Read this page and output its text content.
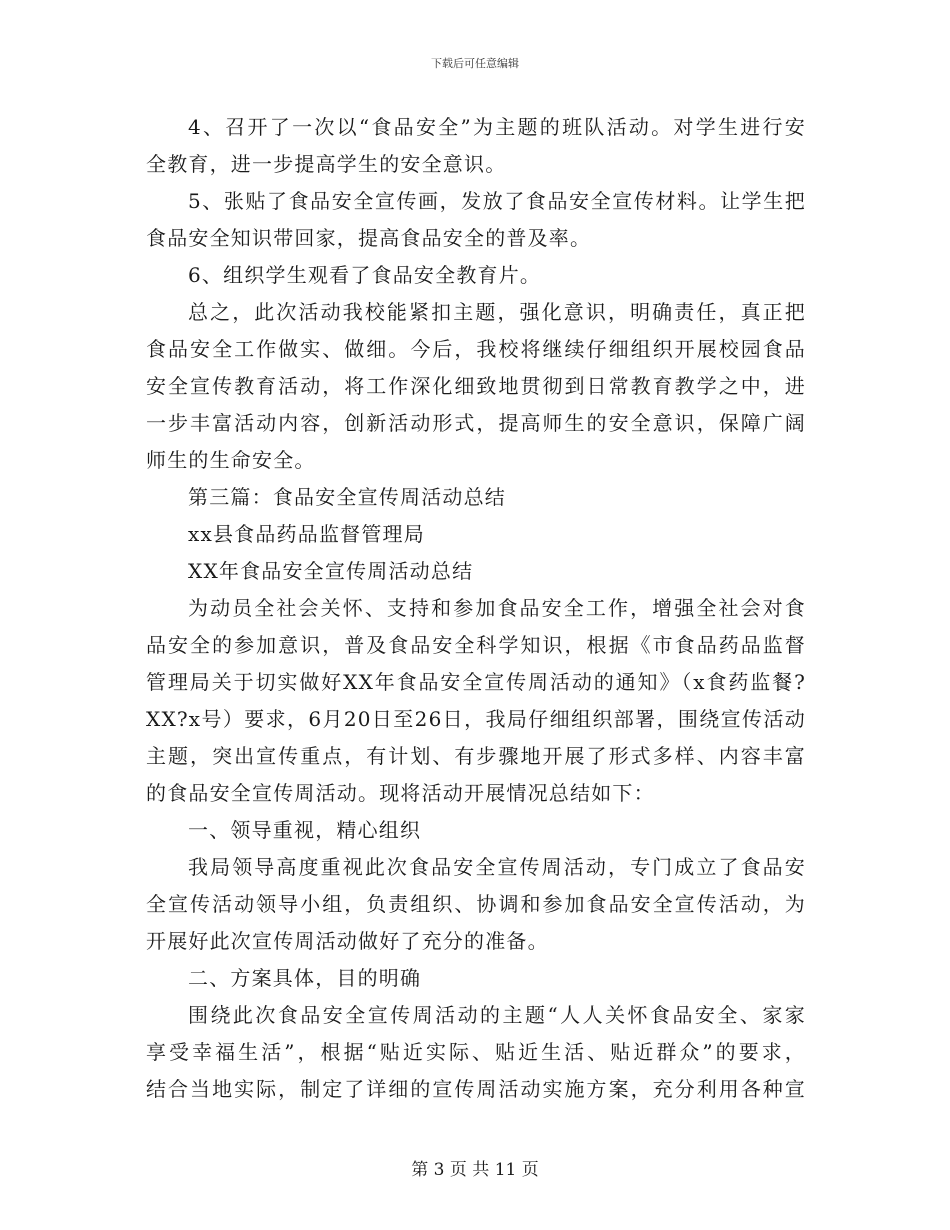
下载后可任意编辑
4、召开了一次以“食品安全”为主题的班队活动。对学生进行安
全教育，进一步提高学生的安全意识。
5、张贴了食品安全宣传画，发放了食品安全宣传材料。让学生把
食品安全知识带回家，提高食品安全的普及率。
6、组织学生观看了食品安全教育片。
总之，此次活动我校能紧扣主题，强化意识，明确责任，真正把
食品安全工作做实、做细。今后，我校将继续仔细组织开展校园食品
安全宣传教育活动，将工作深化细致地贯彻到日常教育教学之中，进
一步丰富活动内容，创新活动形式，提高师生的安全意识，保障广阔
师生的生命安全。
第三篇：食品安全宣传周活动总结
xx县食品药品监督管理局
XX年食品安全宣传周活动总结
为动员全社会关怀、支持和参加食品安全工作，增强全社会对食
品安全的参加意识，普及食品安全科学知识，根据《市食品药品监督
管理局关于切实做好XX年食品安全宣传周活动的通知》（x食药监餐?
XX?x号）要求，6月20日至26日，我局仔细组织部署，围绕宣传活动
主题，突出宣传重点，有计划、有步骤地开展了形式多样、内容丰富
的食品安全宣传周活动。现将活动开展情况总结如下：
一、领导重视，精心组织
我局领导高度重视此次食品安全宣传周活动，专门成立了食品安
全宣传活动领导小组，负责组织、协调和参加食品安全宣传活动，为
开展好此次宣传周活动做好了充分的准备。
二、方案具体，目的明确
围绕此次食品安全宣传周活动的主题“人人关怀食品安全、家家
享受幸福生活”，根据“贴近实际、贴近生活、贴近群众”的要求，
结合当地实际，制定了详细的宣传周活动实施方案，充分利用各种宣
第 3 页 共 11 页
